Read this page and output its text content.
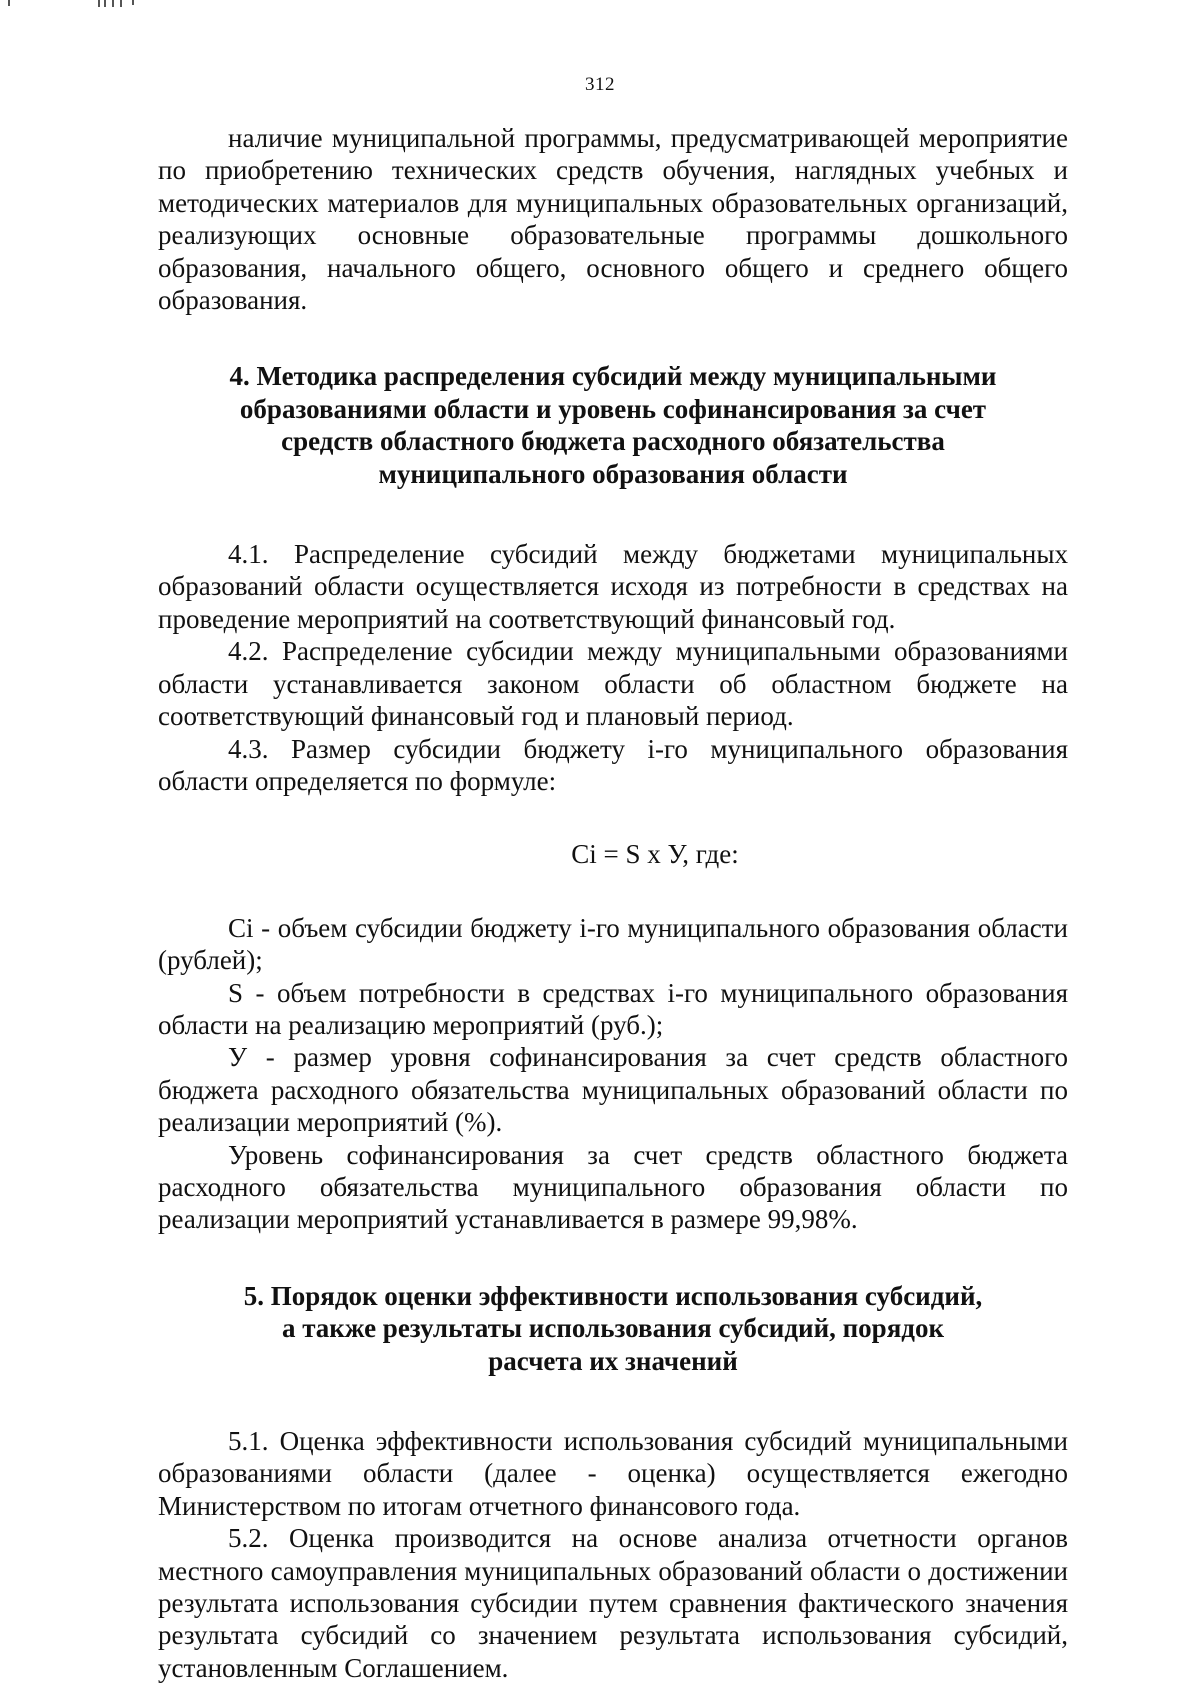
312

наличие муниципальной программы, предусматривающей мероприятие по приобретению технических средств обучения, наглядных учебных и методических материалов для муниципальных образовательных организаций, реализующих основные образовательные программы дошкольного образования, начального общего, основного общего и среднего общего образования.

4. Методика распределения субсидий между муниципальными
образованиями области и уровень софинансирования за счет
средств областного бюджета расходного обязательства
муниципального образования области

4.1. Распределение субсидий между бюджетами муниципальных образований области осуществляется исходя из потребности в средствах на проведение мероприятий на соответствующий финансовый год.

4.2. Распределение субсидии между муниципальными образованиями области устанавливается законом области об областном бюджете на соответствующий финансовый год и плановый период.

4.3. Размер субсидии бюджету i-го муниципального образования области определяется по формуле:

Ci = S х У, где:

Ci - объем субсидии бюджету i-го муниципального образования области (рублей);

S - объем потребности в средствах i-го муниципального образования области на реализацию мероприятий (руб.);

У - размер уровня софинансирования за счет средств областного бюджета расходного обязательства муниципальных образований области по реализации мероприятий (%).

Уровень софинансирования за счет средств областного бюджета расходного обязательства муниципального образования области по реализации мероприятий устанавливается в размере 99,98%.

5. Порядок оценки эффективности использования субсидий,
а также результаты использования субсидий, порядок
расчета их значений

5.1. Оценка эффективности использования субсидий муниципальными образованиями области (далее - оценка) осуществляется ежегодно Министерством по итогам отчетного финансового года.

5.2. Оценка производится на основе анализа отчетности органов местного самоуправления муниципальных образований области о достижении результата использования субсидии путем сравнения фактического значения результата субсидий со значением результата использования субсидий, установленным Соглашением.
